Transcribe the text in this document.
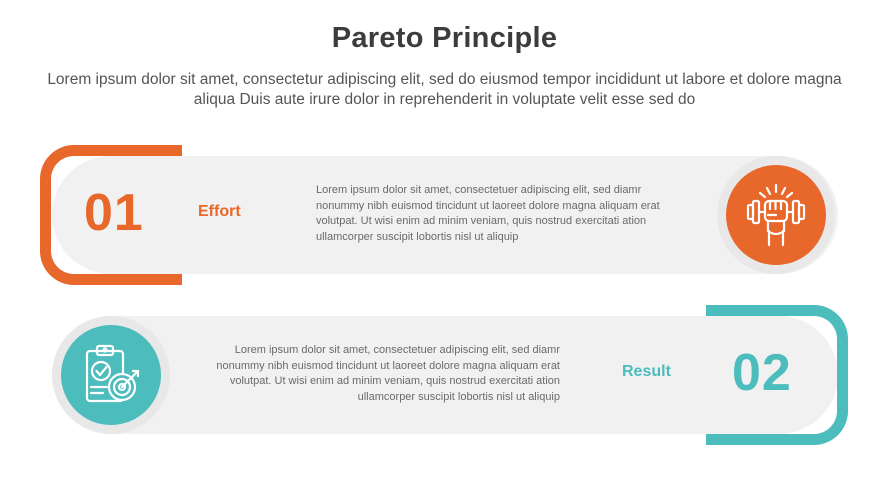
Pareto Principle
Lorem ipsum dolor sit amet, consectetur adipiscing elit, sed do eiusmod tempor incididunt ut labore et dolore magna aliqua Duis aute irure dolor in reprehenderit in voluptate velit esse sed do
01	Effort
Lorem ipsum dolor sit amet, consectetuer adipiscing elit, sed diamr nonummy nibh euismod tincidunt ut laoreet dolore magna aliquam erat volutpat. Ut wisi enim ad minim veniam, quis nostrud exercitati ation ullamcorper suscipit lobortis nisl ut aliquip
02
Result
Lorem ipsum dolor sit amet, consectetuer adipiscing elit, sed diamr nonummy nibh euismod tincidunt ut laoreet dolore magna aliquam erat volutpat. Ut wisi enim ad minim veniam, quis nostrud exercitati ation ullamcorper suscipit lobortis nisl ut aliquip
